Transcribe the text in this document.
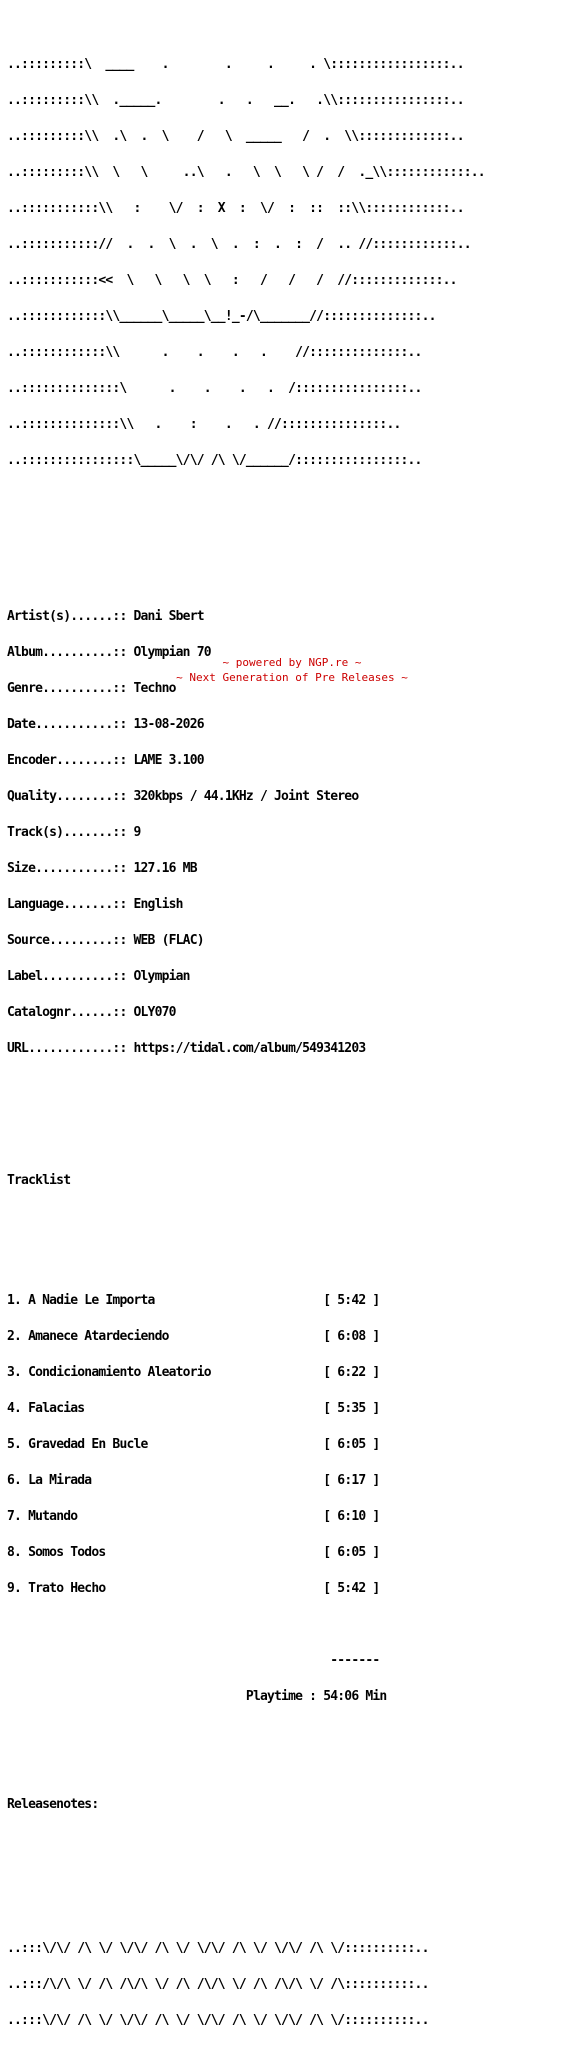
..:::::::::\  ____    .        .     .     . \:::::::::::::::::..

..:::::::::\\  ._____.        .   .   __.   .\\::::::::::::::::..

..:::::::::\\  .\  .  \    /   \  _____   /  .  \\:::::::::::::..

..:::::::::\\  \   \     ..\   .   \  \   \ /  /  ._\\::::::::::::..

..:::::::::::\\   :    \/  :  X  :  \/  :  ::  ::\\::::::::::::..

..::::::::::://  .  .  \  .  \  .  :  .  :  /  .. //::::::::::::..

..:::::::::::<<  \   \   \  \   :   /   /   /  //:::::::::::::..

..::::::::::::\\______\_____\__!_-/\_______//::::::::::::::..

..::::::::::::\\      .    .    .   .    //::::::::::::::..

..::::::::::::::\      .    .    .   .  /::::::::::::::::..

..::::::::::::::\\   .    :    .   . //:::::::::::::::..

..::::::::::::::::\_____\/\/ /\ \/______/::::::::::::::::..

Artist(s)......:: Dani Sbert

Album..........:: Olympian 70

Genre..........:: Techno

Date...........:: 13-08-2026

Encoder........:: LAME 3.100

Quality........:: 320kbps / 44.1KHz / Joint Stereo

Track(s).......:: 9

Size...........:: 127.16 MB

Language.......:: English

Source.........:: WEB (FLAC)

Label..........:: Olympian

Catalognr......:: OLY070

URL............:: https://tidal.com/album/549341203

Tracklist

1. A Nadie Le Importa	[ 5:42 ]

2. Amanece Atardeciendo	[ 6:08 ]

3. Condicionamiento Aleatorio	[ 6:22 ]

4. Falacias	[ 5:35 ]

5. Gravedad En Bucle	[ 6:05 ]

6. La Mirada	[ 6:17 ]

7. Mutando	[ 6:10 ]

8. Somos Todos	[ 6:05 ]

9. Trato Hecho	[ 5:42 ]

-------

Playtime : 54:06 Min

Releasenotes:

..:::\/\/ /\ \/ \/\/ /\ \/ \/\/ /\ \/ \/\/ /\ \/::::::::::..

..:::/\/\ \/ /\ /\/\ \/ /\ /\/\ \/ /\ /\/\ \/ /\::::::::::..

..:::\/\/ /\ \/ \/\/ /\ \/ \/\/ /\ \/ \/\/ /\ \/::::::::::..

~ powered by NGP.re ~
~ Next Generation of Pre Releases ~
